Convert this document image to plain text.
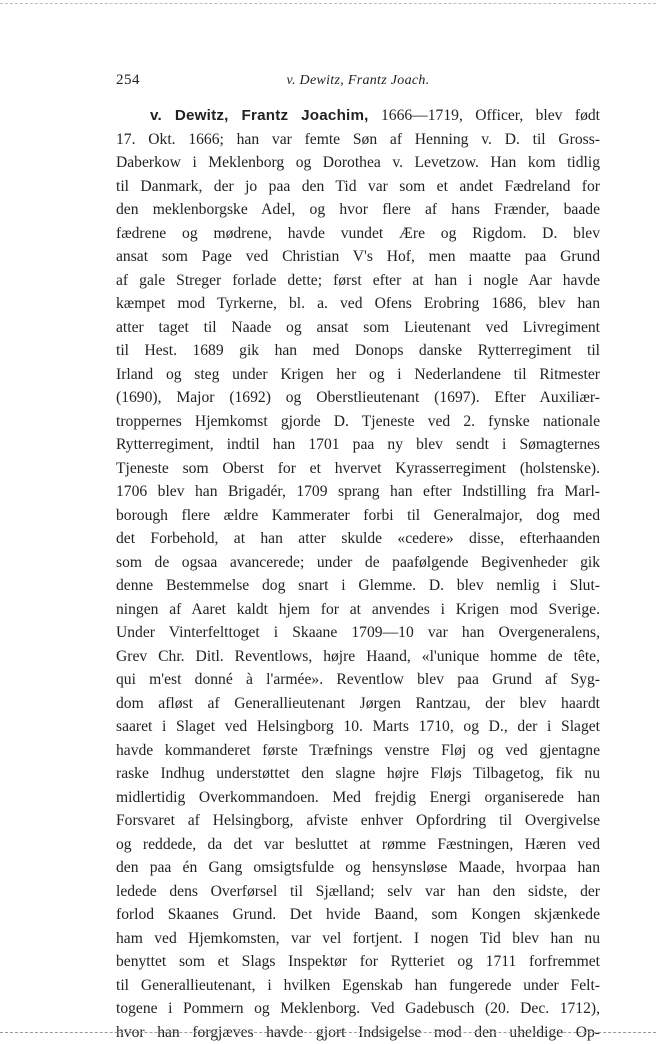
254	v. Dewitz, Frantz Joach.
v. Dewitz, Frantz Joachim, 1666—1719, Officer, blev født
17. Okt. 1666; han var femte Søn af Henning v. D. til Gross-
Daberkow i Meklenborg og Dorothea v. Levetzow. Han kom tidlig
til Danmark, der jo paa den Tid var som et andet Fædreland for
den meklenborgske Adel, og hvor flere af hans Frænder, baade
fædrene og mødrene, havde vundet Ære og Rigdom. D. blev
ansat som Page ved Christian V's Hof, men maatte paa Grund
af gale Streger forlade dette; først efter at han i nogle Aar havde
kæmpet mod Tyrkerne, bl. a. ved Ofens Erobring 1686, blev han
atter taget til Naade og ansat som Lieutenant ved Livregiment
til Hest. 1689 gik han med Donops danske Rytterregiment til
Irland og steg under Krigen her og i Nederlandene til Ritmester
(1690), Major (1692) og Oberstlieutenant (1697). Efter Auxiliær-
troppernes Hjemkomst gjorde D. Tjeneste ved 2. fynske nationale
Rytterregiment, indtil han 1701 paa ny blev sendt i Sømagternes
Tjeneste som Oberst for et hvervet Kyrasserregiment (holstenske).
1706 blev han Brigadér, 1709 sprang han efter Indstilling fra Marl-
borough flere ældre Kammerater forbi til Generalmajor, dog med
det Forbehold, at han atter skulde «cedere» disse, efterhaanden
som de ogsaa avancerede; under de paafølgende Begivenheder gik
denne Bestemmelse dog snart i Glemme. D. blev nemlig i Slut-
ningen af Aaret kaldt hjem for at anvendes i Krigen mod Sverige.
Under Vinterfelttoget i Skaane 1709—10 var han Overgeneralens,
Grev Chr. Ditl. Reventlows, højre Haand, «l'unique homme de tête,
qui m'est donné à l'armée». Reventlow blev paa Grund af Syg-
dom afløst af Generallieutenant Jørgen Rantzau, der blev haardt
saaret i Slaget ved Helsingborg 10. Marts 1710, og D., der i Slaget
havde kommanderet første Træfnings venstre Fløj og ved gjentagne
raske Indhug understøttet den slagne højre Fløjs Tilbagetog, fik nu
midlertidig Overkommandoen. Med frejdig Energi organiserede han
Forsvaret af Helsingborg, afviste enhver Opfordring til Overgivelse
og reddede, da det var besluttet at rømme Fæstningen, Hæren ved
den paa én Gang omsigtsfulde og hensynsløse Maade, hvorpaa han
ledede dens Overførsel til Sjælland; selv var han den sidste, der
forlod Skaanes Grund. Det hvide Baand, som Kongen skjænkede
ham ved Hjemkomsten, var vel fortjent. I nogen Tid blev han nu
benyttet som et Slags Inspektør for Rytteriet og 1711 forfremmet
til Generallieutenant, i hvilken Egenskab han fungerede under Felt-
togene i Pommern og Meklenborg. Ved Gadebusch (20. Dec. 1712),
hvor han forgjæves havde gjort Indsigelse mod den uheldige Op-
